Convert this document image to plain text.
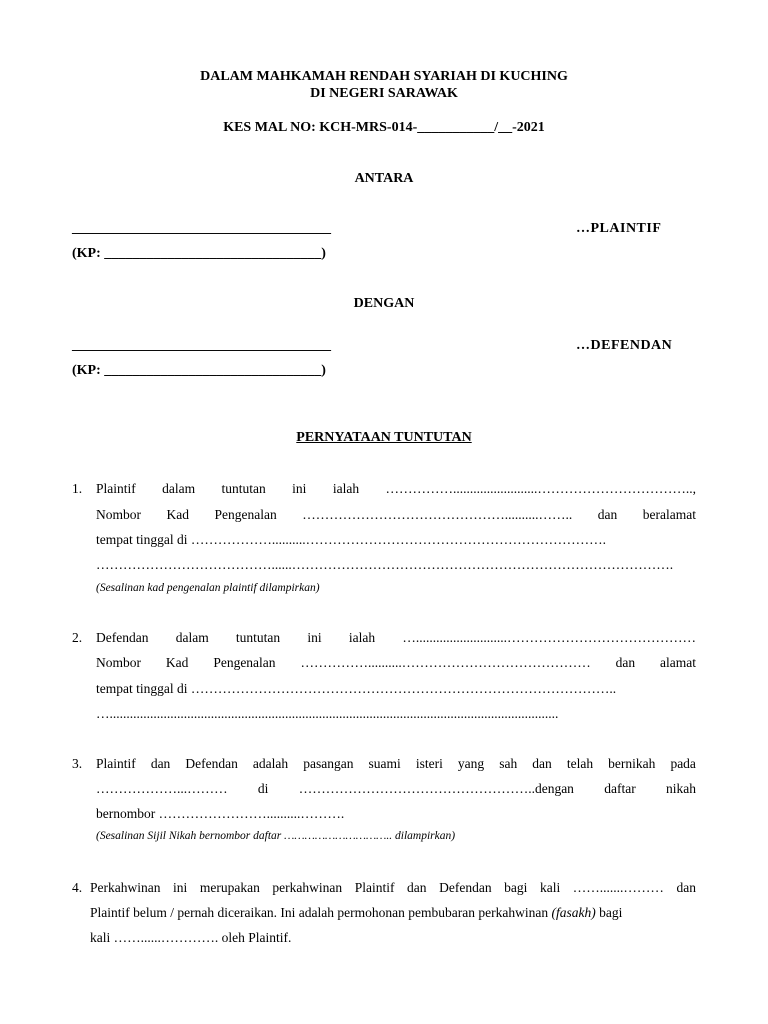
DALAM MAHKAMAH RENDAH SYARIAH DI KUCHING
DI NEGERI SARAWAK
KES MAL NO: KCH-MRS-014-___________/__-2021
ANTARA
_____________________________________	…PLAINTIF
(KP: _______________________________)
DENGAN
_____________________________________	…DEFENDAN
(KP: _______________________________)
PERNYATAAN TUNTUTAN
1. Plaintif dalam tuntutan ini ialah …………….........................……………………………..,
Nombor Kad Pengenalan ………………………………………..........…….. dan beralamat
tempat tinggal di ………………..........………………………………………………………….
…………………………………......………………………………………………………………………….
(Sesalinan kad pengenalan plaintif dilampirkan)
2. Defendan dalam tuntutan ini ialah …...........................……………………………………
Nombor Kad Pengenalan ……………..........…………………………………… dan alamat
tempat tinggal di …………………………………………………………………………………..
….....................................................................................................................................
3. Plaintif dan Defendan adalah pasangan suami isteri yang sah dan telah bernikah pada
………………...……… di ……………………………………………..dengan daftar nikah
bernombor ……………………..........……….
(Sesalinan Sijil Nikah bernombor daftar ………………………….. dilampirkan)
4. Perkahwinan ini merupakan perkahwinan Plaintif dan Defendan bagi kali …….......……… dan
Plaintif belum / pernah diceraikan. Ini adalah permohonan pembubaran perkahwinan (fasakh) bagi
kali ……......…………. oleh Plaintif.
